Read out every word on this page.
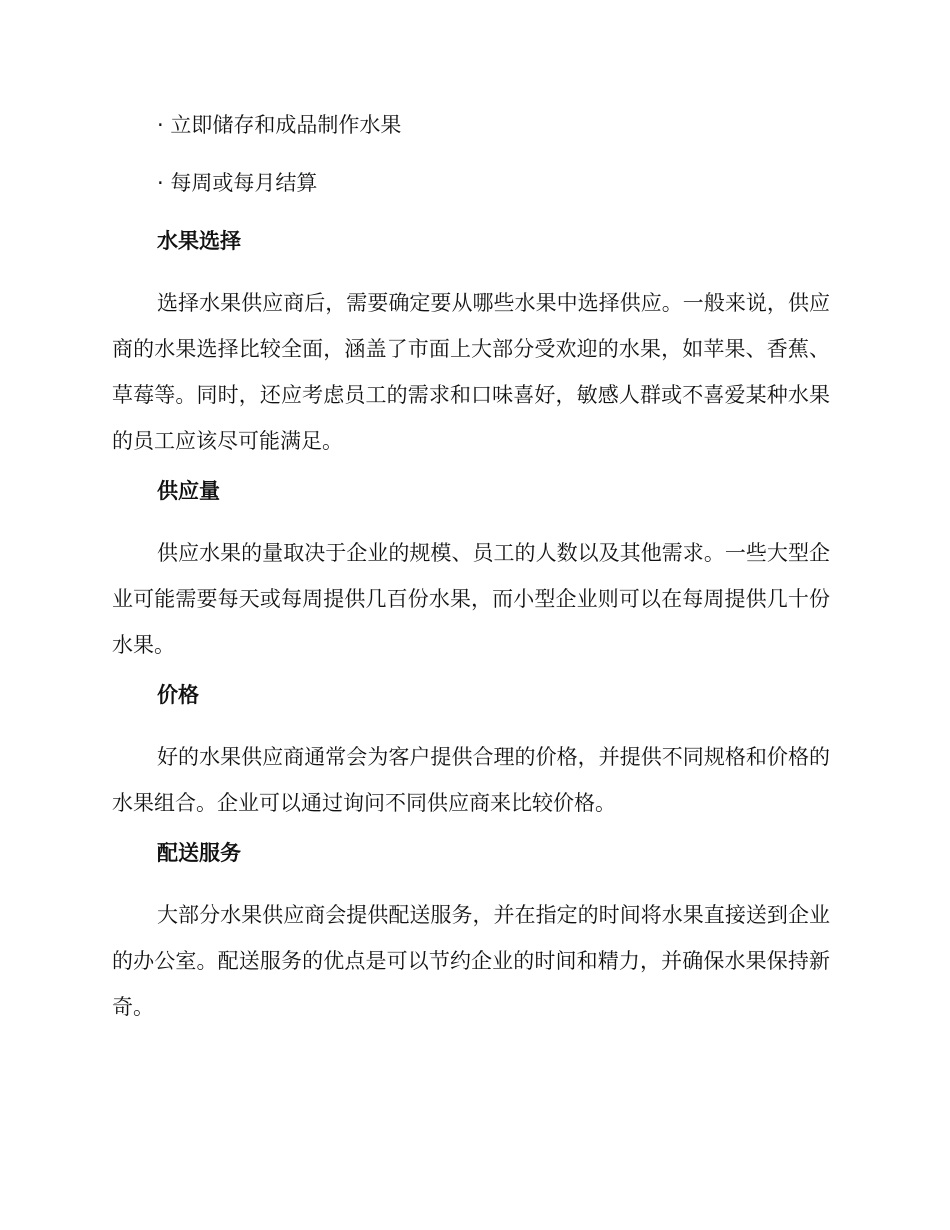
· 立即储存和成品制作水果
· 每周或每月结算
水果选择

选择水果供应商后，需要确定要从哪些水果中选择供应。一般来说，供应商的水果选择比较全面，涵盖了市面上大部分受欢迎的水果，如苹果、香蕉、草莓等。同时，还应考虑员工的需求和口味喜好，敏感人群或不喜爱某种水果的员工应该尽可能满足。

供应量

供应水果的量取决于企业的规模、员工的人数以及其他需求。一些大型企业可能需要每天或每周提供几百份水果，而小型企业则可以在每周提供几十份水果。

价格

好的水果供应商通常会为客户提供合理的价格，并提供不同规格和价格的水果组合。企业可以通过询问不同供应商来比较价格。

配送服务

大部分水果供应商会提供配送服务，并在指定的时间将水果直接送到企业的办公室。配送服务的优点是可以节约企业的时间和精力，并确保水果保持新奇。
